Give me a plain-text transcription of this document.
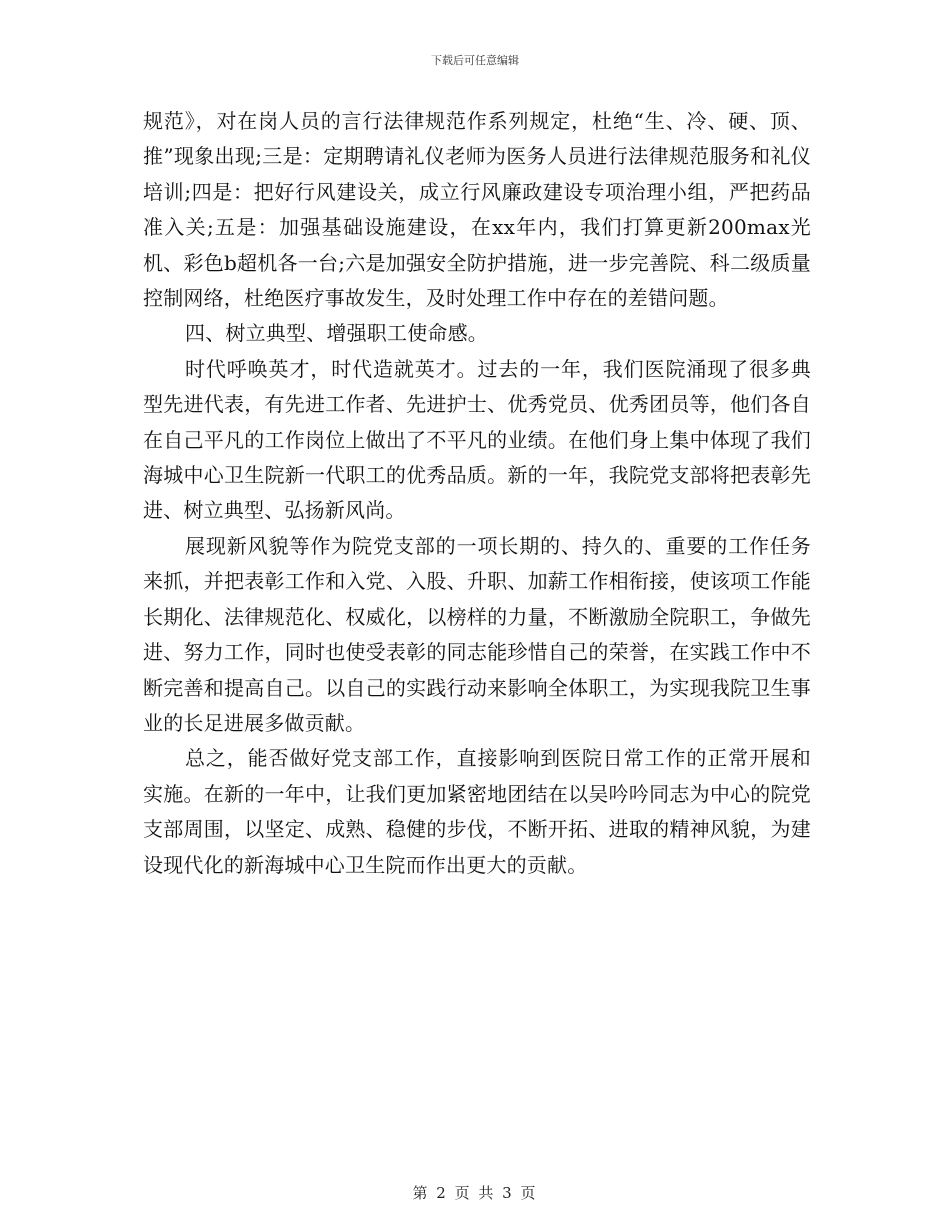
下载后可任意编辑

规范》，对在岗人员的言行法律规范作系列规定，杜绝“生、冷、硬、顶、推”现象出现;三是：定期聘请礼仪老师为医务人员进行法律规范服务和礼仪培训;四是：把好行风建设关，成立行风廉政建设专项治理小组，严把药品准入关;五是：加强基础设施建设，在xx年内，我们打算更新200max光机、彩色b超机各一台;六是加强安全防护措施，进一步完善院、科二级质量控制网络，杜绝医疗事故发生，及时处理工作中存在的差错问题。

四、树立典型、增强职工使命感。

时代呼唤英才，时代造就英才。过去的一年，我们医院涌现了很多典型先进代表，有先进工作者、先进护士、优秀党员、优秀团员等，他们各自在自己平凡的工作岗位上做出了不平凡的业绩。在他们身上集中体现了我们海城中心卫生院新一代职工的优秀品质。新的一年，我院党支部将把表彰先进、树立典型、弘扬新风尚。

展现新风貌等作为院党支部的一项长期的、持久的、重要的工作任务来抓，并把表彰工作和入党、入股、升职、加薪工作相衔接，使该项工作能长期化、法律规范化、权威化，以榜样的力量，不断激励全院职工，争做先进、努力工作，同时也使受表彰的同志能珍惜自己的荣誉，在实践工作中不断完善和提高自己。以自己的实践行动来影响全体职工，为实现我院卫生事业的长足进展多做贡献。

总之，能否做好党支部工作，直接影响到医院日常工作的正常开展和实施。在新的一年中，让我们更加紧密地团结在以吴吟吟同志为中心的院党支部周围，以坚定、成熟、稳健的步伐，不断开拓、进取的精神风貌，为建设现代化的新海城中心卫生院而作出更大的贡献。

第 2 页 共 3 页
